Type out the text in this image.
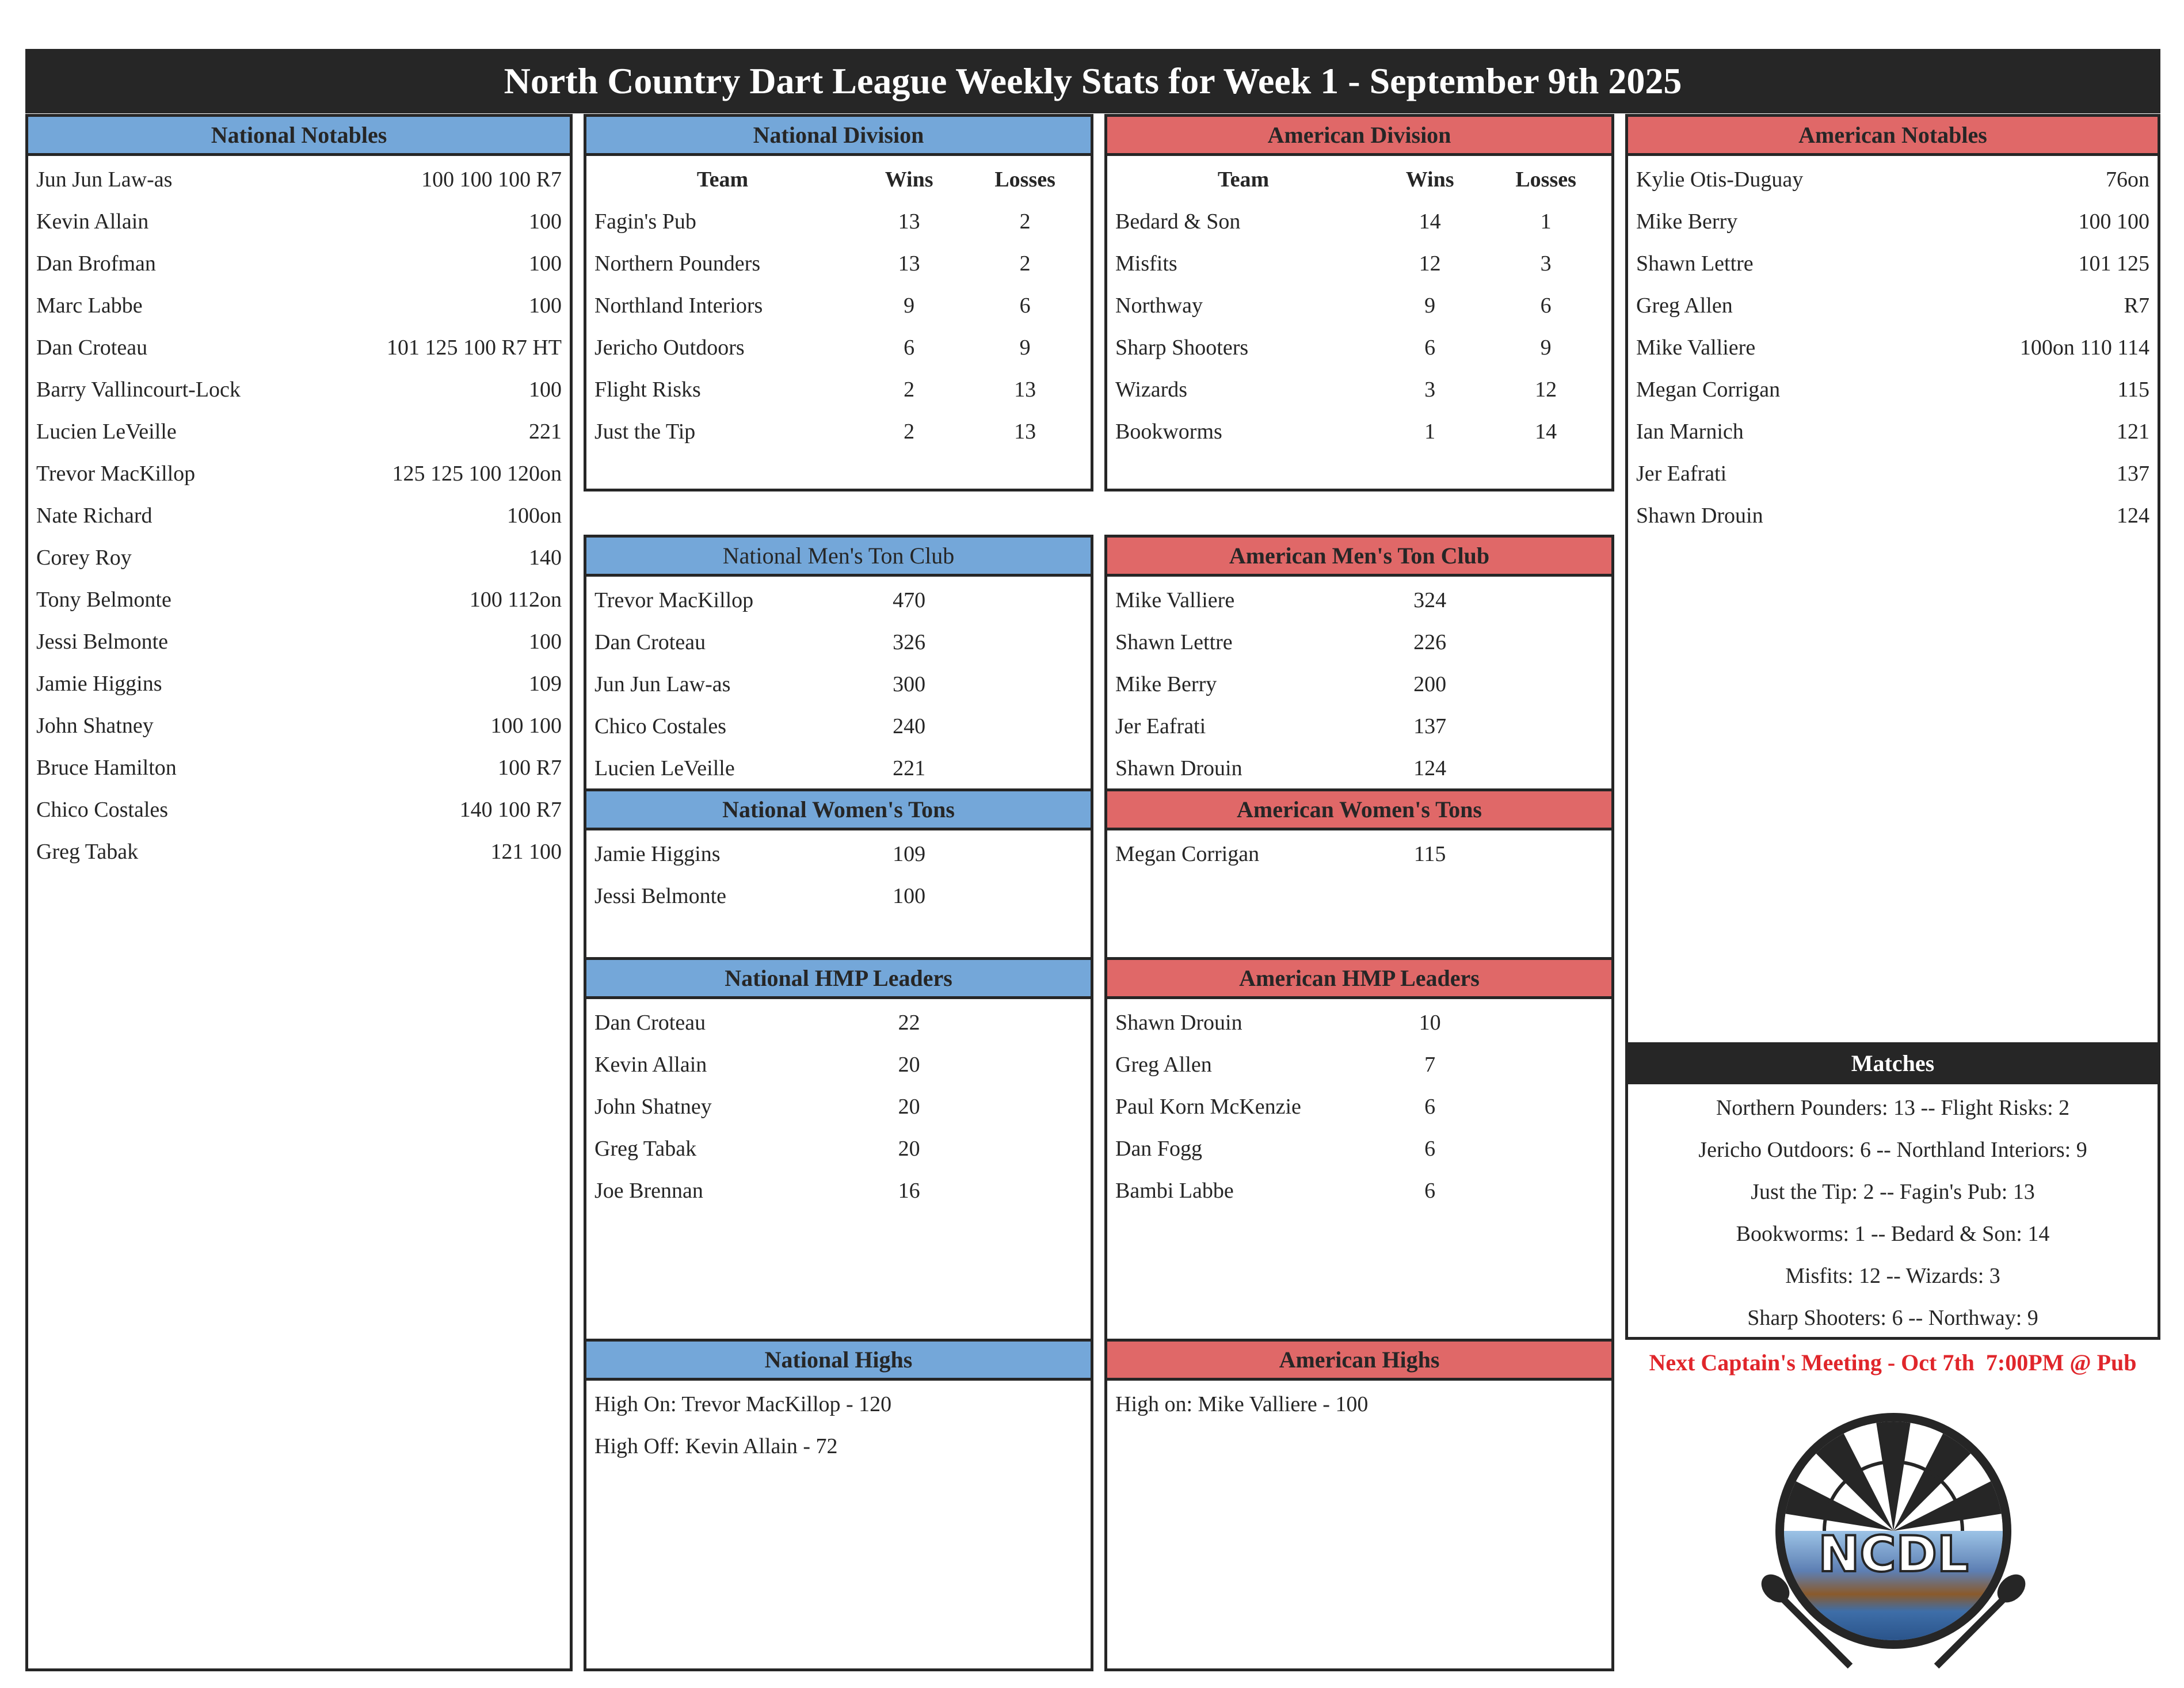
North Country Dart League Weekly Stats for Week 1 - September 9th 2025
National Notables
Jun Jun Law-as	100 100 100 R7
Kevin Allain	100
Dan Brofman	100
Marc Labbe	100
Dan Croteau	101 125 100 R7 HT
Barry Vallincourt-Lock	100
Lucien LeVeille	221
Trevor MacKillop	125 125 100 120on
Nate Richard	100on
Corey Roy	140
Tony Belmonte	100 112on
Jessi Belmonte	100
Jamie Higgins	109
John Shatney	100 100
Bruce Hamilton	100 R7
Chico Costales	140 100 R7
Greg Tabak	121 100
National Division
Team	Wins	Losses
Fagin's Pub	13	2
Northern Pounders	13	2
Northland Interiors	9	6
Jericho Outdoors	6	9
Flight Risks	2	13
Just the Tip	2	13
American Division
Team	Wins	Losses
Bedard & Son	14	1
Misfits	12	3
Northway	9	6
Sharp Shooters	6	9
Wizards	3	12
Bookworms	1	14
American Notables
Kylie Otis-Duguay	76on
Mike Berry	100 100
Shawn Lettre	101 125
Greg Allen	R7
Mike Valliere	100on 110 114
Megan Corrigan	115
Ian Marnich	121
Jer Eafrati	137
Shawn Drouin	124
Matches
Northern Pounders: 13 -- Flight Risks: 2
Jericho Outdoors: 6 -- Northland Interiors: 9
Just the Tip: 2 -- Fagin's Pub: 13
Bookworms: 1 -- Bedard & Son: 14
Misfits: 12 -- Wizards: 3
Sharp Shooters: 6 -- Northway: 9
National Men's Ton Club
Trevor MacKillop	470
Dan Croteau	326
Jun Jun Law-as	300
Chico Costales	240
Lucien LeVeille	221
American Men's Ton Club
Mike Valliere	324
Shawn Lettre	226
Mike Berry	200
Jer Eafrati	137
Shawn Drouin	124
National Women's Tons
Jamie Higgins	109
Jessi Belmonte	100
American Women's Tons
Megan Corrigan	115
National HMP Leaders
Dan Croteau	22
Kevin Allain	20
John Shatney	20
Greg Tabak	20
Joe Brennan	16
American HMP Leaders
Shawn Drouin	10
Greg Allen	7
Paul Korn McKenzie	6
Dan Fogg	6
Bambi Labbe	6
National Highs
High On: Trevor MacKillop - 120
High Off: Kevin Allain - 72
American Highs
High on: Mike Valliere - 100
Next Captain's Meeting - Oct 7th  7:00PM @ Pub
NCDL
